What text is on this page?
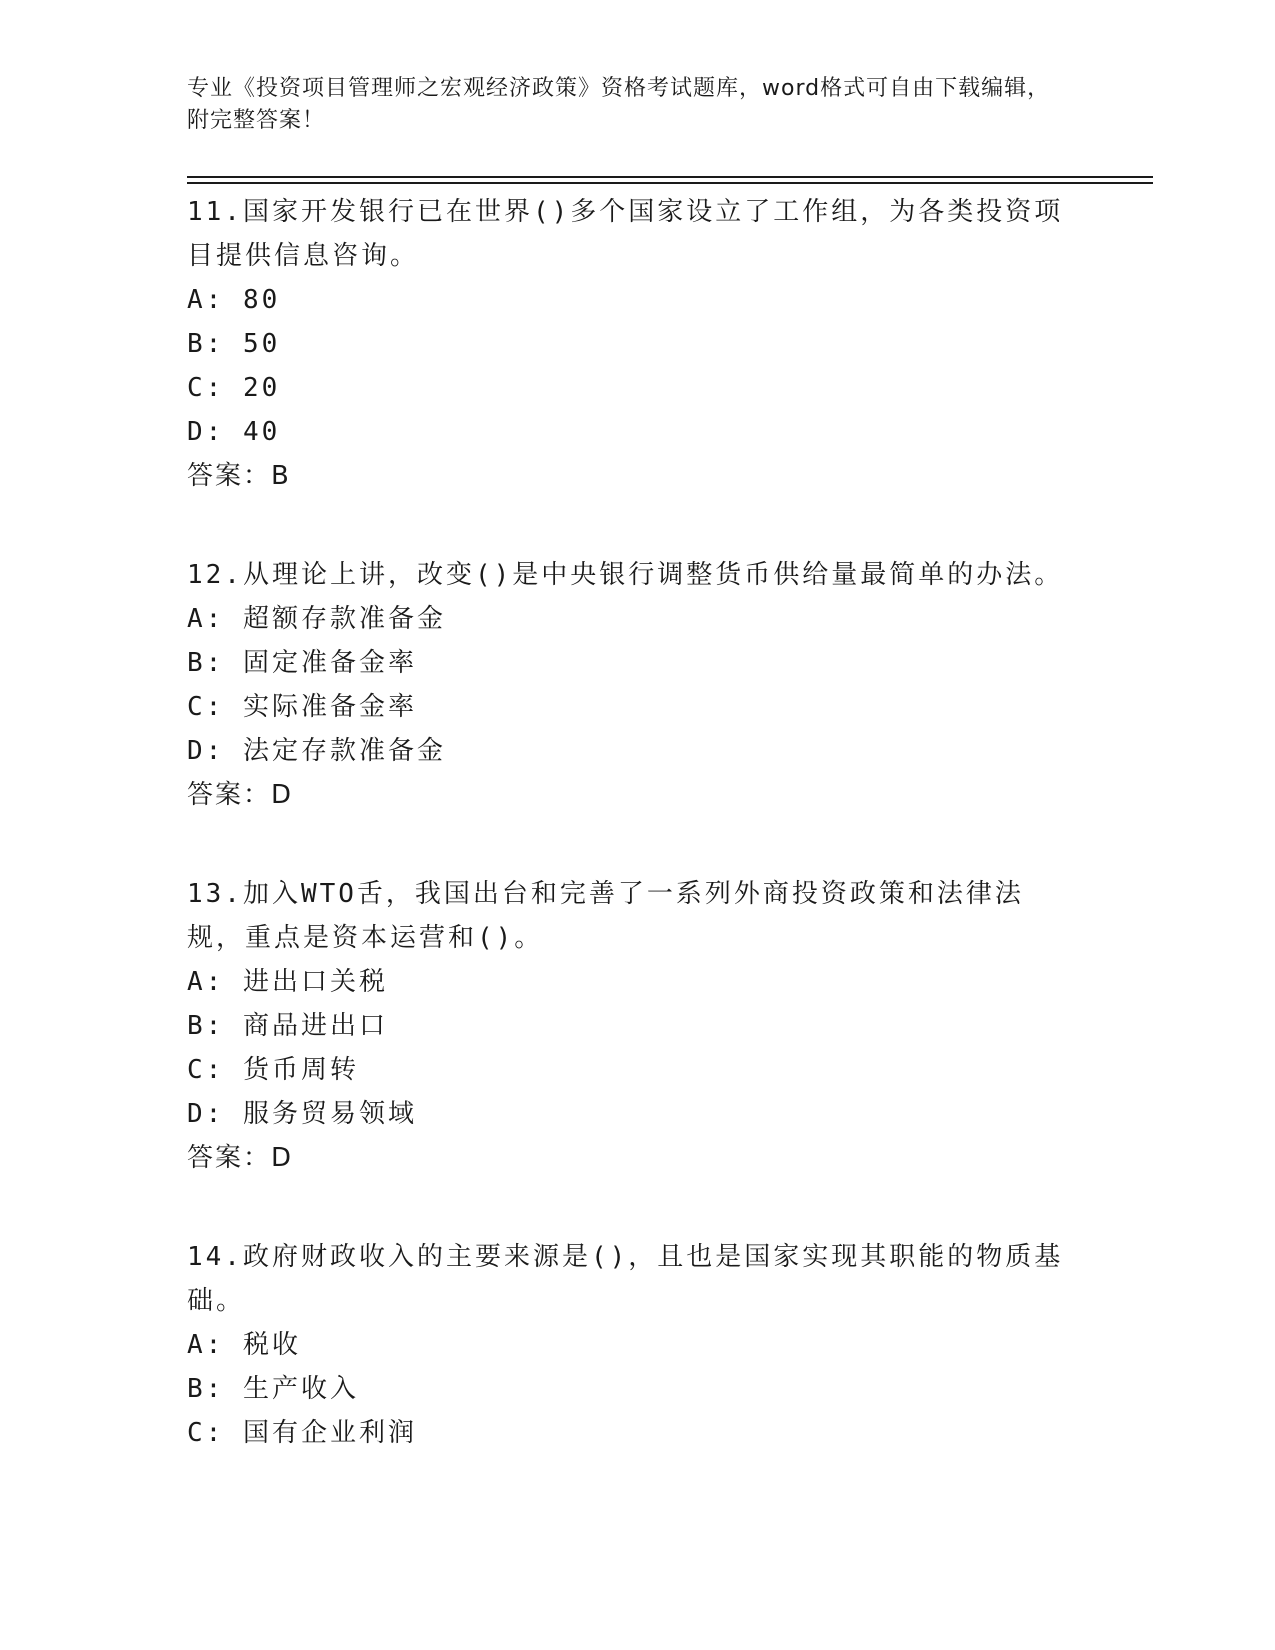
专业《投资项目管理师之宏观经济政策》资格考试题库，word格式可自由下载编辑，附完整答案！

11.国家开发银行已在世界()多个国家设立了工作组，为各类投资项目提供信息咨询。

A: 80
B: 50
C: 20
D: 40
答案：B

12.从理论上讲，改变()是中央银行调整货币供给量最简单的办法。

A: 超额存款准备金
B: 固定准备金率
C: 实际准备金率
D: 法定存款准备金
答案：D

13.加入WTO舌，我国出台和完善了一系列外商投资政策和法律法规，重点是资本运营和()。

A: 进出口关税
B: 商品进出口
C: 货币周转
D: 服务贸易领域
答案：D

14.政府财政收入的主要来源是()，且也是国家实现其职能的物质基础。

A: 税收
B: 生产收入
C: 国有企业利润
